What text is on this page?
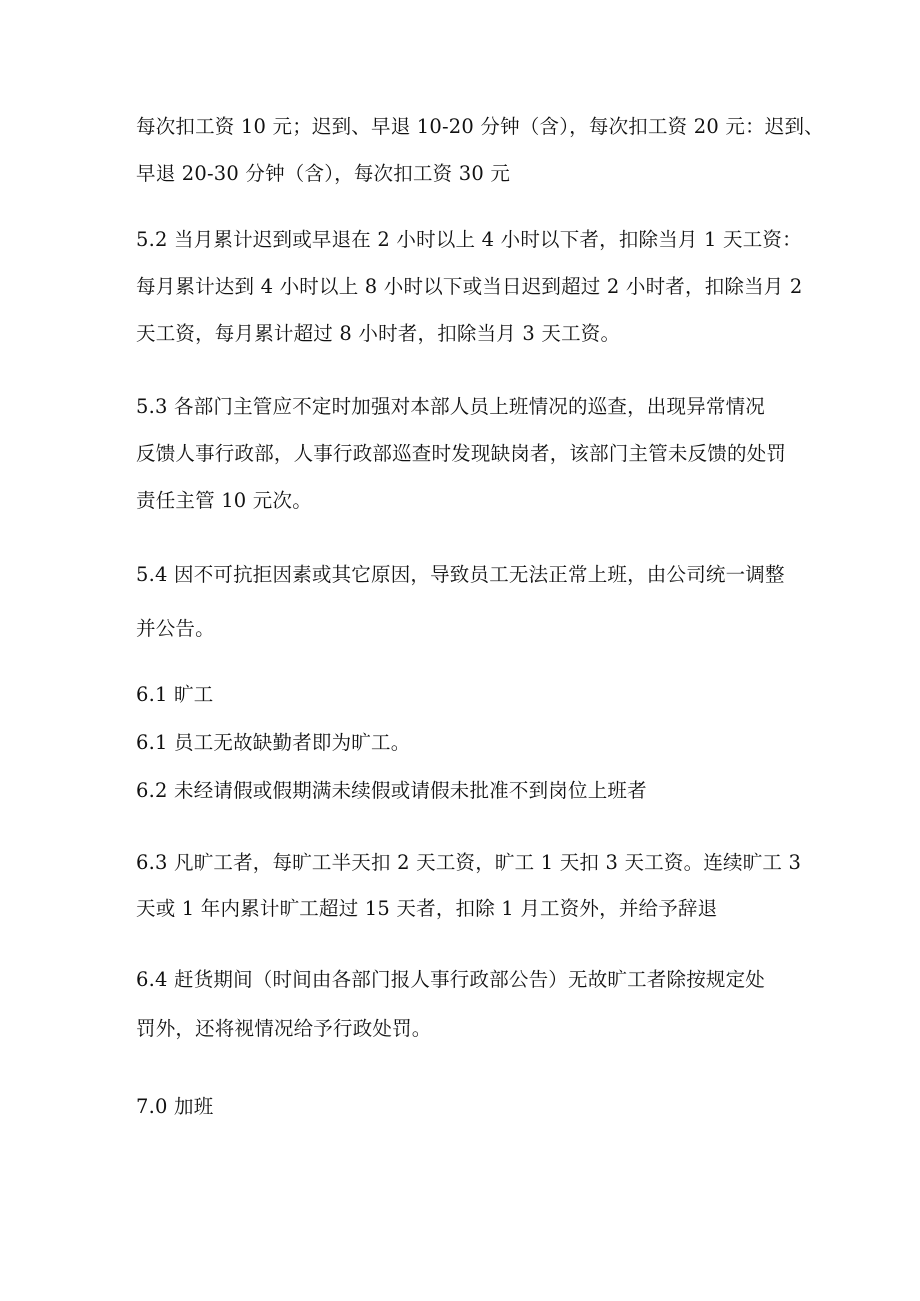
每次扣工资 10 元；迟到、早退 10-20 分钟（含），每次扣工资 20 元：迟到、
早退 20-30 分钟（含），每次扣工资 30 元
5.2 当月累计迟到或早退在 2 小时以上 4 小时以下者，扣除当月 1 天工资：
每月累计达到 4 小时以上 8 小时以下或当日迟到超过 2 小时者，扣除当月 2
天工资，每月累计超过 8 小时者，扣除当月 3 天工资。
5.3 各部门主管应不定时加强对本部人员上班情况的巡查，出现异常情况
反馈人事行政部，人事行政部巡查时发现缺岗者，该部门主管未反馈的处罚
责任主管 10 元次。
5.4 因不可抗拒因素或其它原因，导致员工无法正常上班，由公司统一调整
并公告。
6.1 旷工
6.1 员工无故缺勤者即为旷工。
6.2 未经请假或假期满未续假或请假未批准不到岗位上班者
6.3 凡旷工者，每旷工半天扣 2 天工资，旷工 1 天扣 3 天工资。连续旷工 3
天或 1 年内累计旷工超过 15 天者，扣除 1 月工资外，并给予辞退
6.4 赶货期间（时间由各部门报人事行政部公告）无故旷工者除按规定处
罚外，还将视情况给予行政处罚。
7.0 加班
